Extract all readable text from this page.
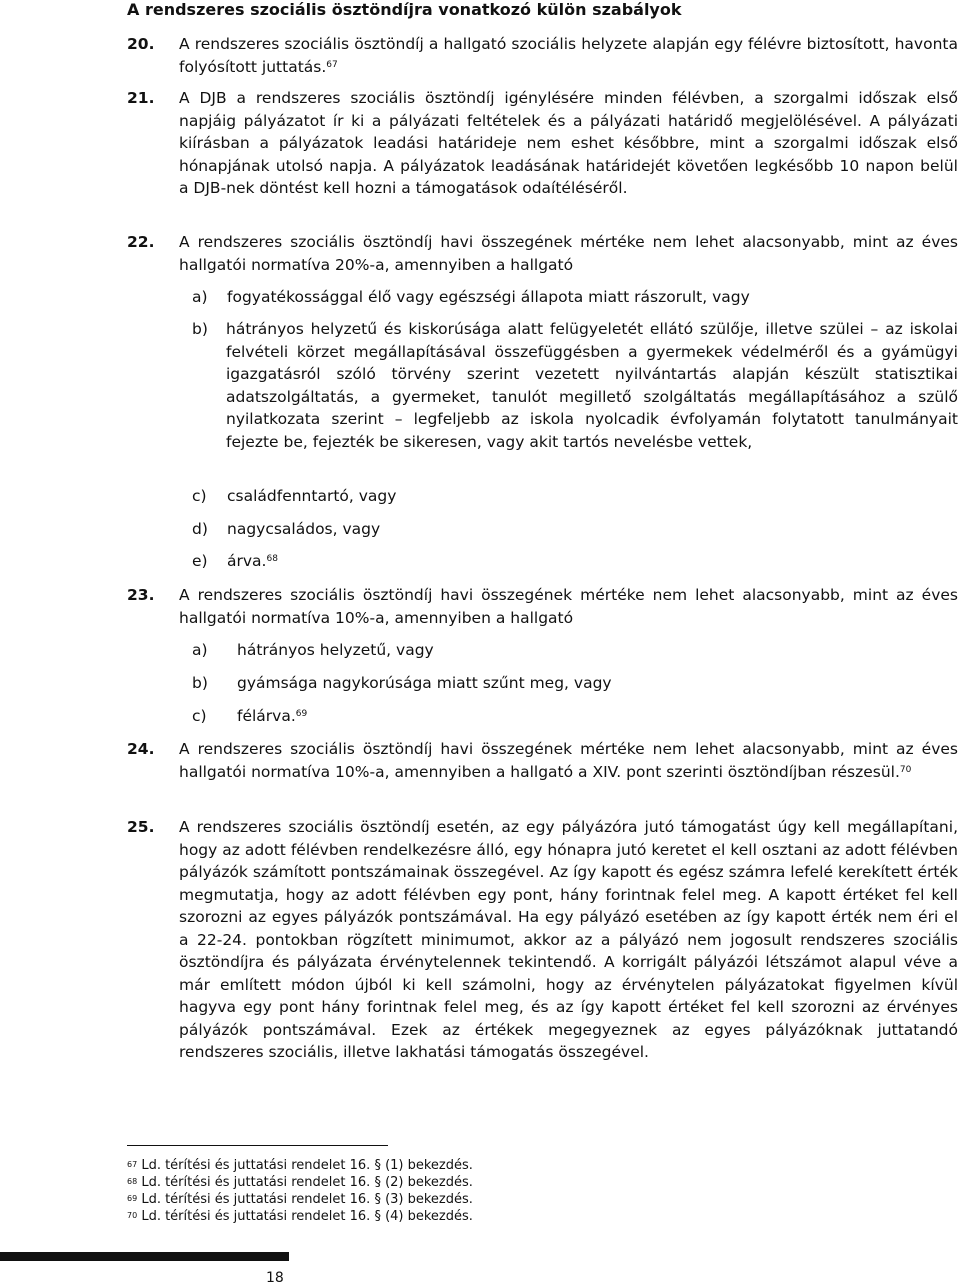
A rendszeres szociális ösztöndíjra vonatkozó külön szabályok
20.	A rendszeres szociális ösztöndíj a hallgató szociális helyzete alapján egy félévre biztosított, havonta folyósított juttatás.$^{67}$
21.	A DJB a rendszeres szociális ösztöndíj igénylésére minden félévben, a szorgalmi időszak első napjáig pályázatot ír ki a pályázati feltételek és a pályázati határidő megjelölésével. A pályázati kiírásban a pályázatok leadási határideje nem eshet későbbre, mint a szorgalmi időszak első hónapjának utolsó napja. A pályázatok leadásának határidejét követően legkésőbb 10 napon belül a DJB-nek döntést kell hozni a támogatások odaítéléséről.
22.	A rendszeres szociális ösztöndíj havi összegének mértéke nem lehet alacsonyabb, mint az éves hallgatói normatíva 20%-a, amennyiben a hallgató
a)	fogyatékossággal élő vagy egészségi állapota miatt rászorult, vagy
b)	hátrányos helyzetű és kiskorúsága alatt felügyeletét ellátó szülője, illetve szülei – az iskolai felvételi körzet megállapításával összefüggésben a gyermekek védelméről és a gyámügyi igazgatásról szóló törvény szerint vezetett nyilvántartás alapján készült statisztikai adatszolgáltatás, a gyermeket, tanulót megillető szolgáltatás megállapításához a szülő nyilatkozata szerint – legfeljebb az iskola nyolcadik évfolyamán folytatott tanulmányait fejezte be, fejezték be sikeresen, vagy akit tartós nevelésbe vettek,
c)	családfenntartó, vagy
d)	nagycsaládos, vagy
e)	árva.$^{68}$
23.	A rendszeres szociális ösztöndíj havi összegének mértéke nem lehet alacsonyabb, mint az éves hallgatói normatíva 10%-a, amennyiben a hallgató
a)	hátrányos helyzetű, vagy
b)	gyámsága nagykorúsága miatt szűnt meg, vagy
c)	félárva.$^{69}$
24.	A rendszeres szociális ösztöndíj havi összegének mértéke nem lehet alacsonyabb, mint az éves hallgatói normatíva 10%-a, amennyiben a hallgató a XIV. pont szerinti ösztöndíjban részesül.$^{70}$
25.	A rendszeres szociális ösztöndíj esetén, az egy pályázóra jutó támogatást úgy kell megállapítani, hogy az adott félévben rendelkezésre álló, egy hónapra jutó keretet el kell osztani az adott félévben pályázók számított pontszámainak összegével. Az így kapott és egész számra lefelé kerekített érték megmutatja, hogy az adott félévben egy pont, hány forintnak felel meg. A kapott értéket fel kell szorozni az egyes pályázók pontszámával. Ha egy pályázó esetében az így kapott érték nem éri el a 22-24. pontokban rögzített minimumot, akkor az a pályázó nem jogosult rendszeres szociális ösztöndíjra és pályázata érvénytelennek tekintendő. A korrigált pályázói létszámot alapul véve a már említett módon újból ki kell számolni, hogy az érvénytelen pályázatokat figyelmen kívül hagyva egy pont hány forintnak felel meg, és az így kapott értéket fel kell szorozni az érvényes pályázók pontszámával. Ezek az értékek megegyeznek az egyes pályázóknak juttatandó rendszeres szociális, illetve lakhatási támogatás összegével.
$^{67}$ Ld. térítési és juttatási rendelet 16. § (1) bekezdés.
$^{68}$ Ld. térítési és juttatási rendelet 16. § (2) bekezdés.
$^{69}$ Ld. térítési és juttatási rendelet 16. § (3) bekezdés.
$^{70}$ Ld. térítési és juttatási rendelet 16. § (4) bekezdés.
18
